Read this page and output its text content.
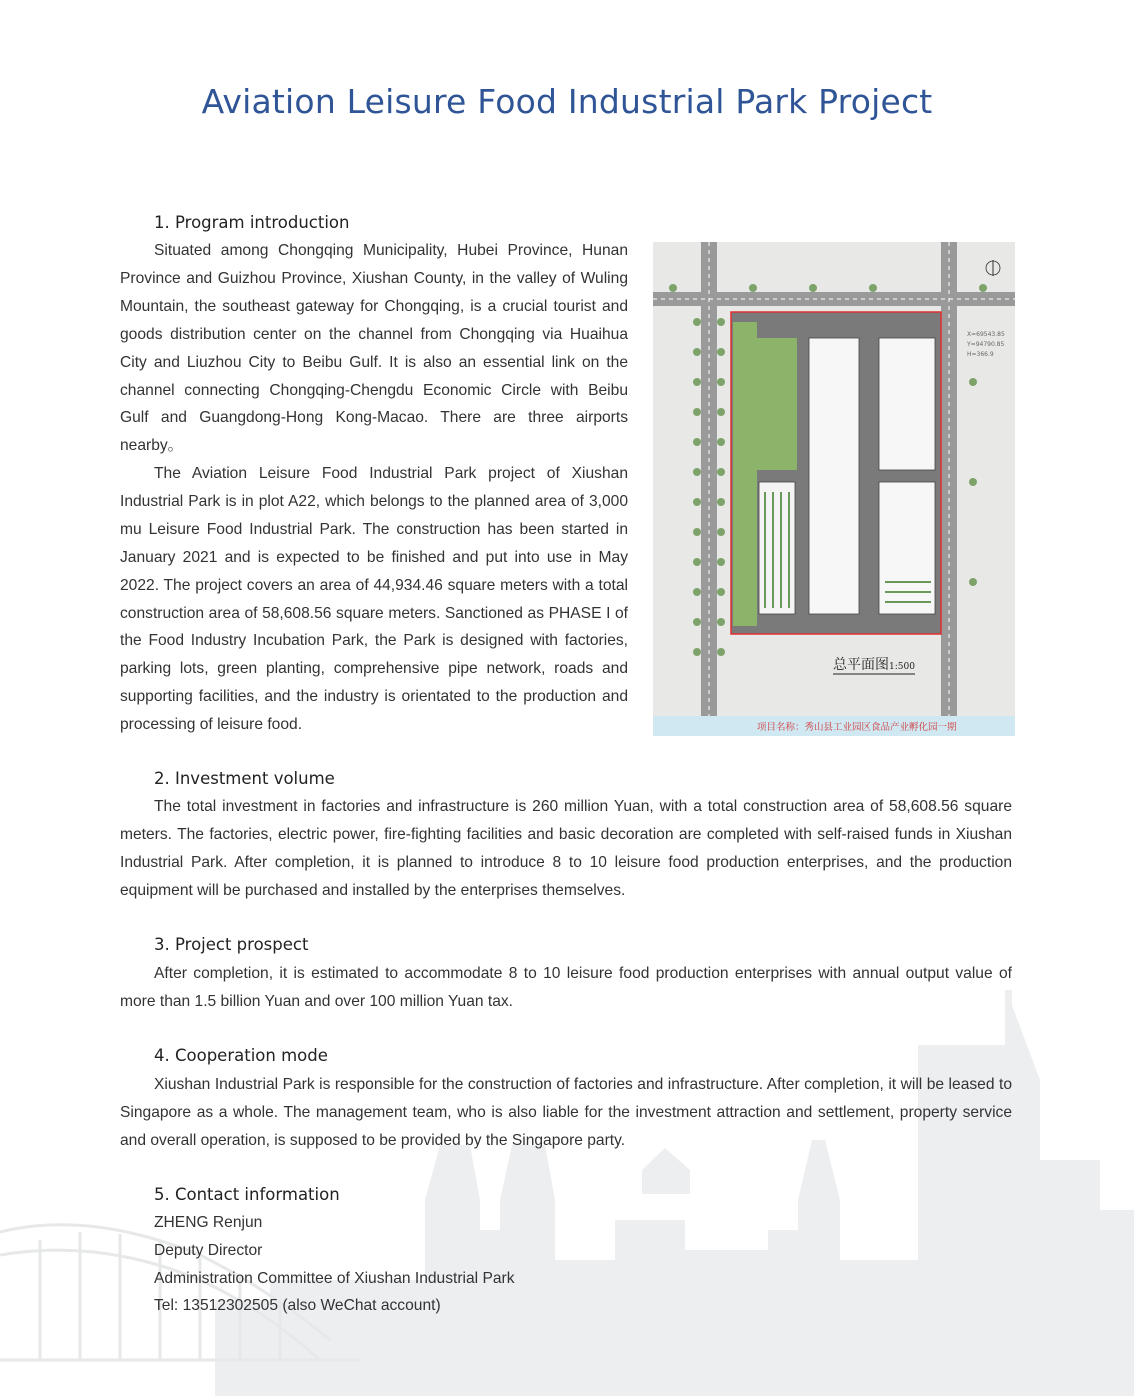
Aviation Leisure Food Industrial Park Project
1. Program introduction

Situated among Chongqing Municipality, Hubei Province, Hunan Province and Guizhou Province, Xiushan County, in the valley of Wuling Mountain, the southeast gateway for Chongqing, is a crucial tourist and goods distribution center on the channel from Chongqing via Huaihua City and Liuzhou City to Beibu Gulf. It is also an essential link on the channel connecting Chongqing-Chengdu Economic Circle with Beibu Gulf and Guangdong-Hong Kong-Macao. There are three airports nearby。

The Aviation Leisure Food Industrial Park project of Xiushan Industrial Park is in plot A22, which belongs to the planned area of 3,000 mu Leisure Food Industrial Park. The construction has been started in January 2021 and is expected to be finished and put into use in May 2022. The project covers an area of 44,934.46 square meters with a total construction area of 58,608.56 square meters. Sanctioned as PHASE I of the Food Industry Incubation Park, the Park is designed with factories, parking lots, green planting, comprehensive pipe network, roads and supporting facilities, and the industry is orientated to the production and processing of leisure food.

X=69543.85
Y=94790.85
H=366.9
总平面图 1:500
项目名称：秀山县工业园区食品产业孵化园一期
2. Investment volume

The total investment in factories and infrastructure is 260 million Yuan, with a total construction area of 58,608.56 square meters. The factories, electric power, fire-fighting facilities and basic decoration are completed with self-raised funds in Xiushan Industrial Park. After completion, it is planned to introduce 8 to 10 leisure food production enterprises, and the production equipment will be purchased and installed by the enterprises themselves.

3. Project prospect

After completion, it is estimated to accommodate 8 to 10 leisure food production enterprises with annual output value of more than 1.5 billion Yuan and over 100 million Yuan tax.

4. Cooperation mode

Xiushan Industrial Park is responsible for the construction of factories and infrastructure. After completion, it will be leased to Singapore as a whole. The management team, who is also liable for the investment attraction and settlement, property service and overall operation, is supposed to be provided by the Singapore party.

5. Contact information
ZHENG Renjun
Deputy Director
Administration Committee of Xiushan Industrial Park
Tel: 13512302505 (also WeChat account)
